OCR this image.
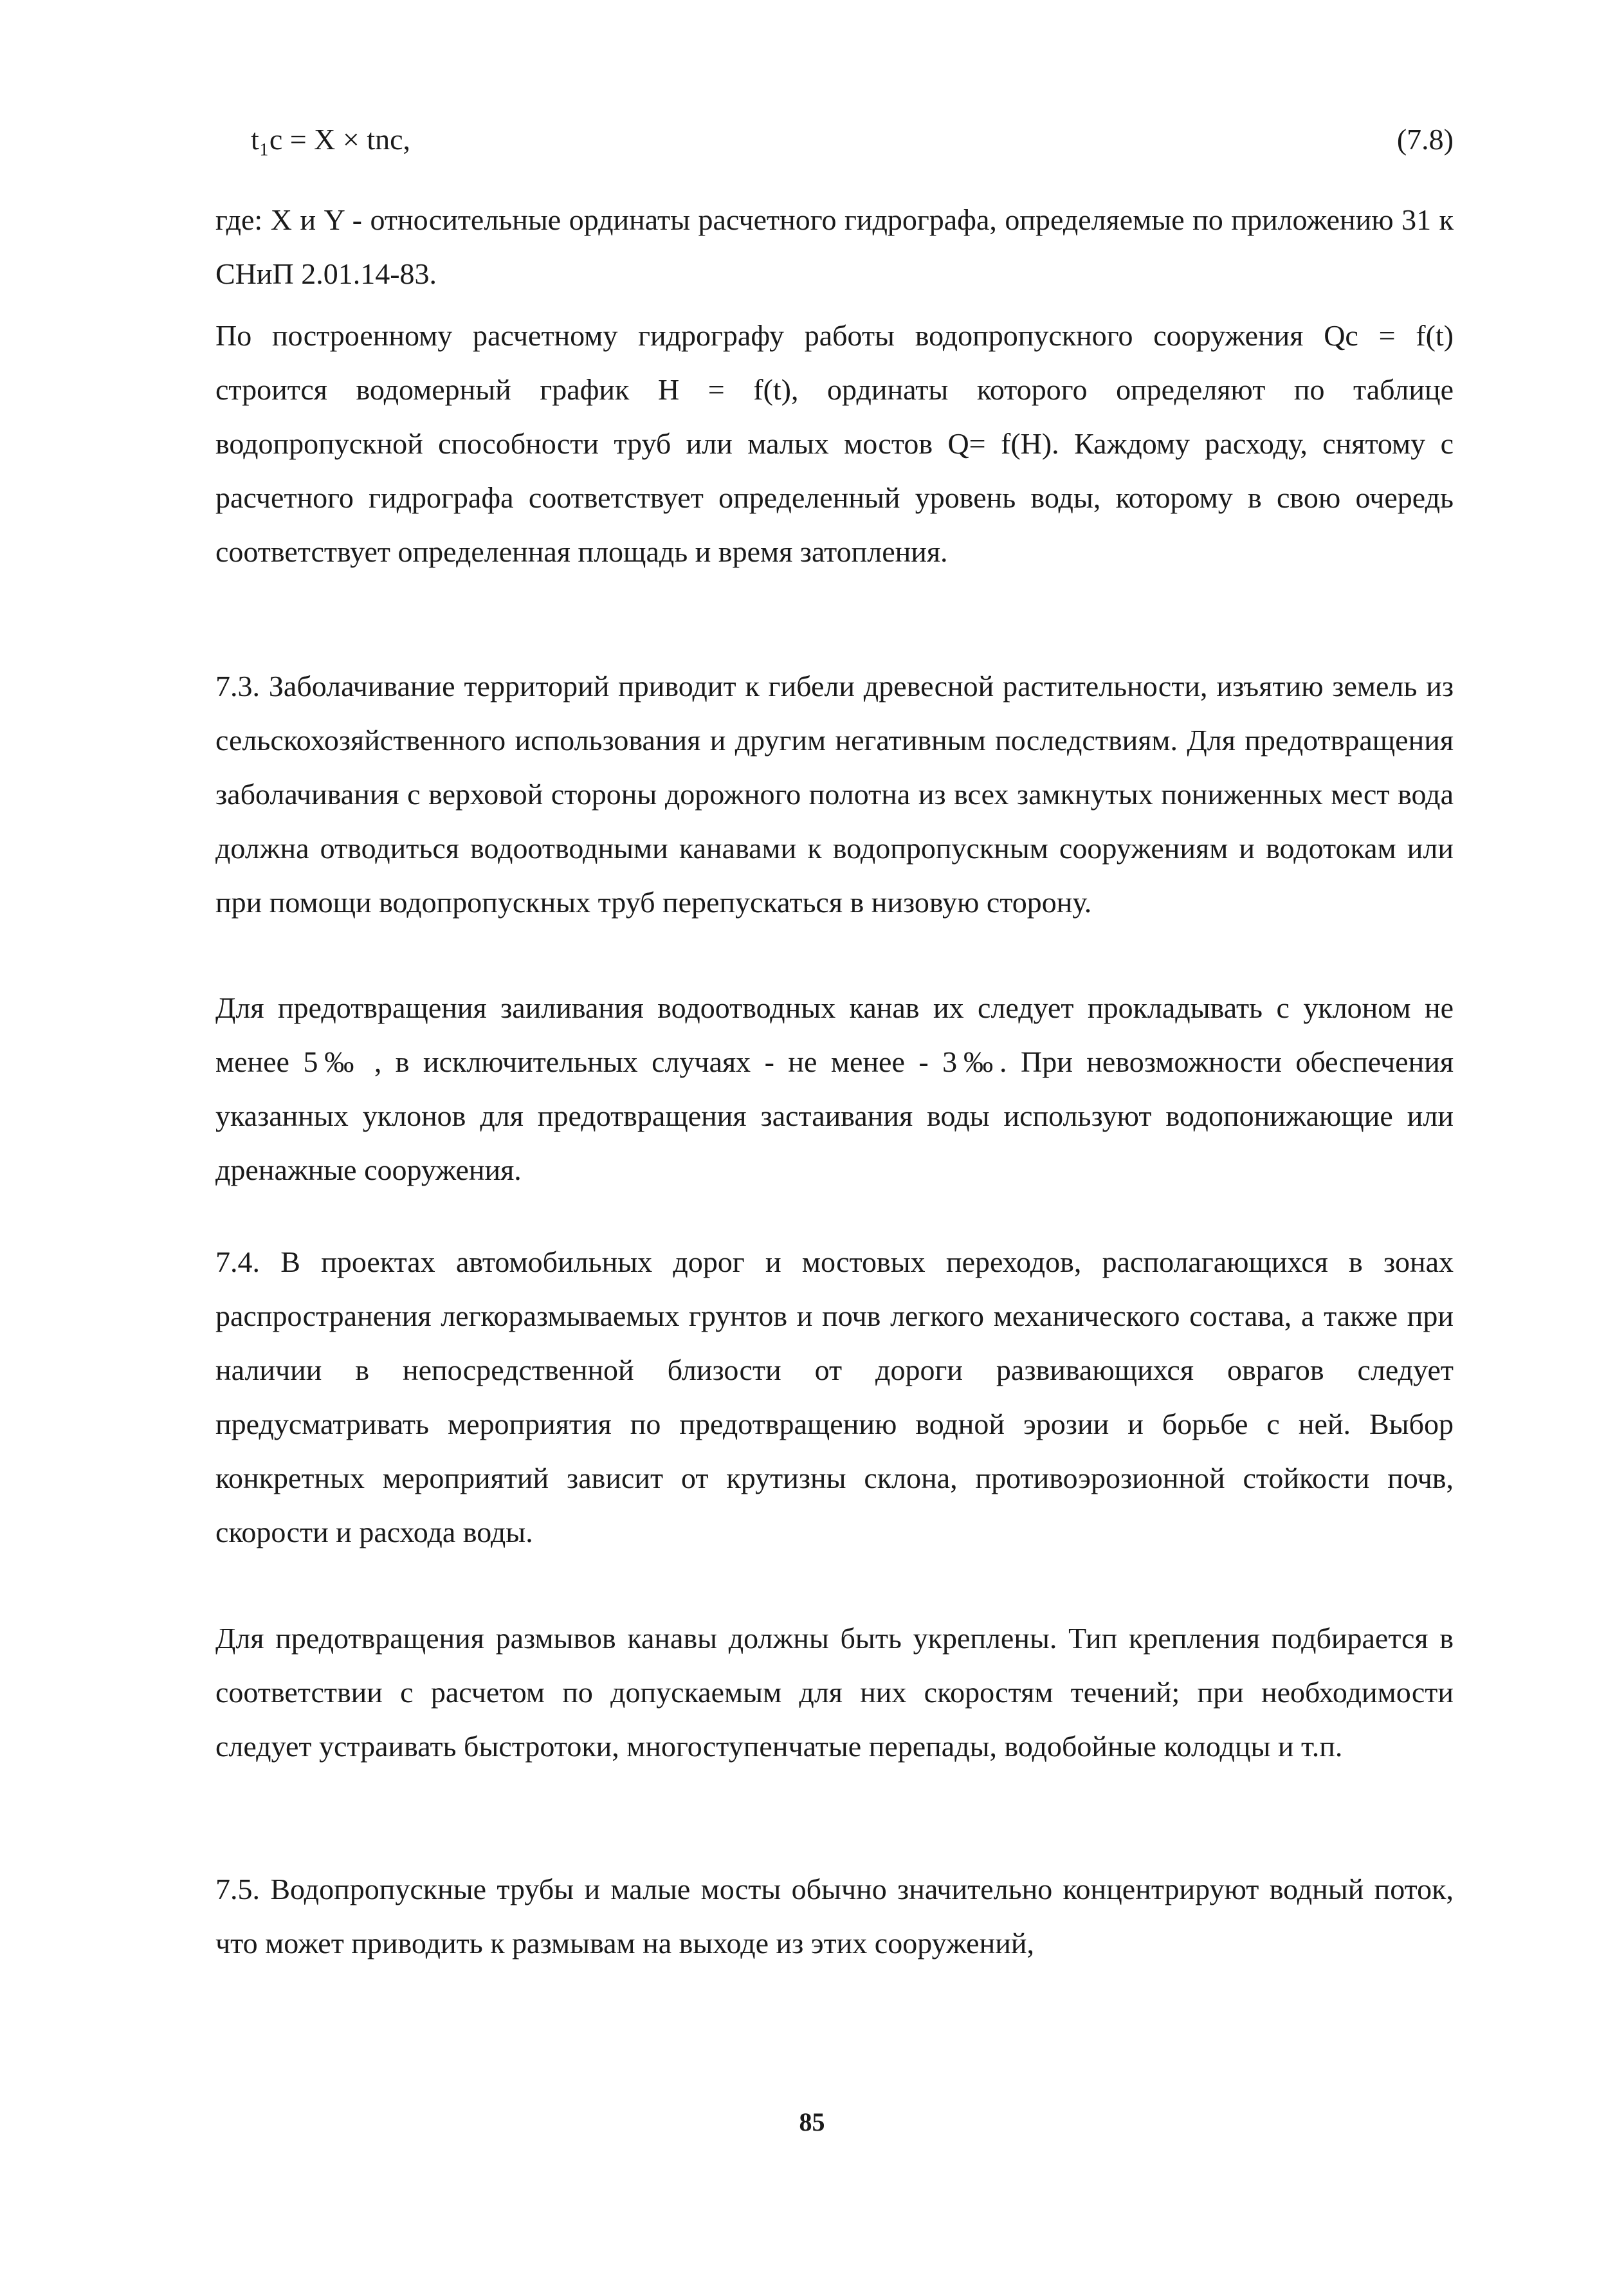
t₁c = X × tnc,	(7.8)

где: X и Y - относительные ординаты расчетного гидрографа, определяемые по приложению 31 к СНиП 2.01.14-83.

По построенному расчетному гидрографу работы водопропускного сооружения Qc = f(t) строится водомерный график H = f(t), ординаты которого определяют по таблице водопропускной способности труб или малых мостов Q= f(H). Каждому расходу, снятому с расчетного гидрографа соответствует определенный уровень воды, которому в свою очередь соответствует определенная площадь и время затопления.

7.3. Заболачивание территорий приводит к гибели древесной растительности, изъятию земель из сельскохозяйственного использования и другим негативным последствиям. Для предотвращения заболачивания с верховой стороны дорожного полотна из всех замкнутых пониженных мест вода должна отводиться водоотводными канавами к водопропускным сооружениям и водотокам или при помощи водопропускных труб перепускаться в низовую сторону.

Для предотвращения заиливания водоотводных канав их следует прокладывать с уклоном не менее 5‰ , в исключительных случаях - не менее - 3‰. При невозможности обеспечения указанных уклонов для предотвращения застаивания воды используют водопонижающие или дренажные сооружения.

7.4. В проектах автомобильных дорог и мостовых переходов, располагающихся в зонах распространения легкоразмываемых грунтов и почв легкого механического состава, а также при наличии в непосредственной близости от дороги развивающихся оврагов следует предусматривать мероприятия по предотвращению водной эрозии и борьбе с ней. Выбор конкретных мероприятий зависит от крутизны склона, противоэрозионной стойкости почв, скорости и расхода воды.

Для предотвращения размывов канавы должны быть укреплены. Тип крепления подбирается в соответствии с расчетом по допускаемым для них скоростям течений; при необходимости следует устраивать быстротоки, многоступенчатые перепады, водобойные колодцы и т.п.

7.5. Водопропускные трубы и малые мосты обычно значительно концентрируют водный поток, что может приводить к размывам на выходе из этих сооружений,

85
